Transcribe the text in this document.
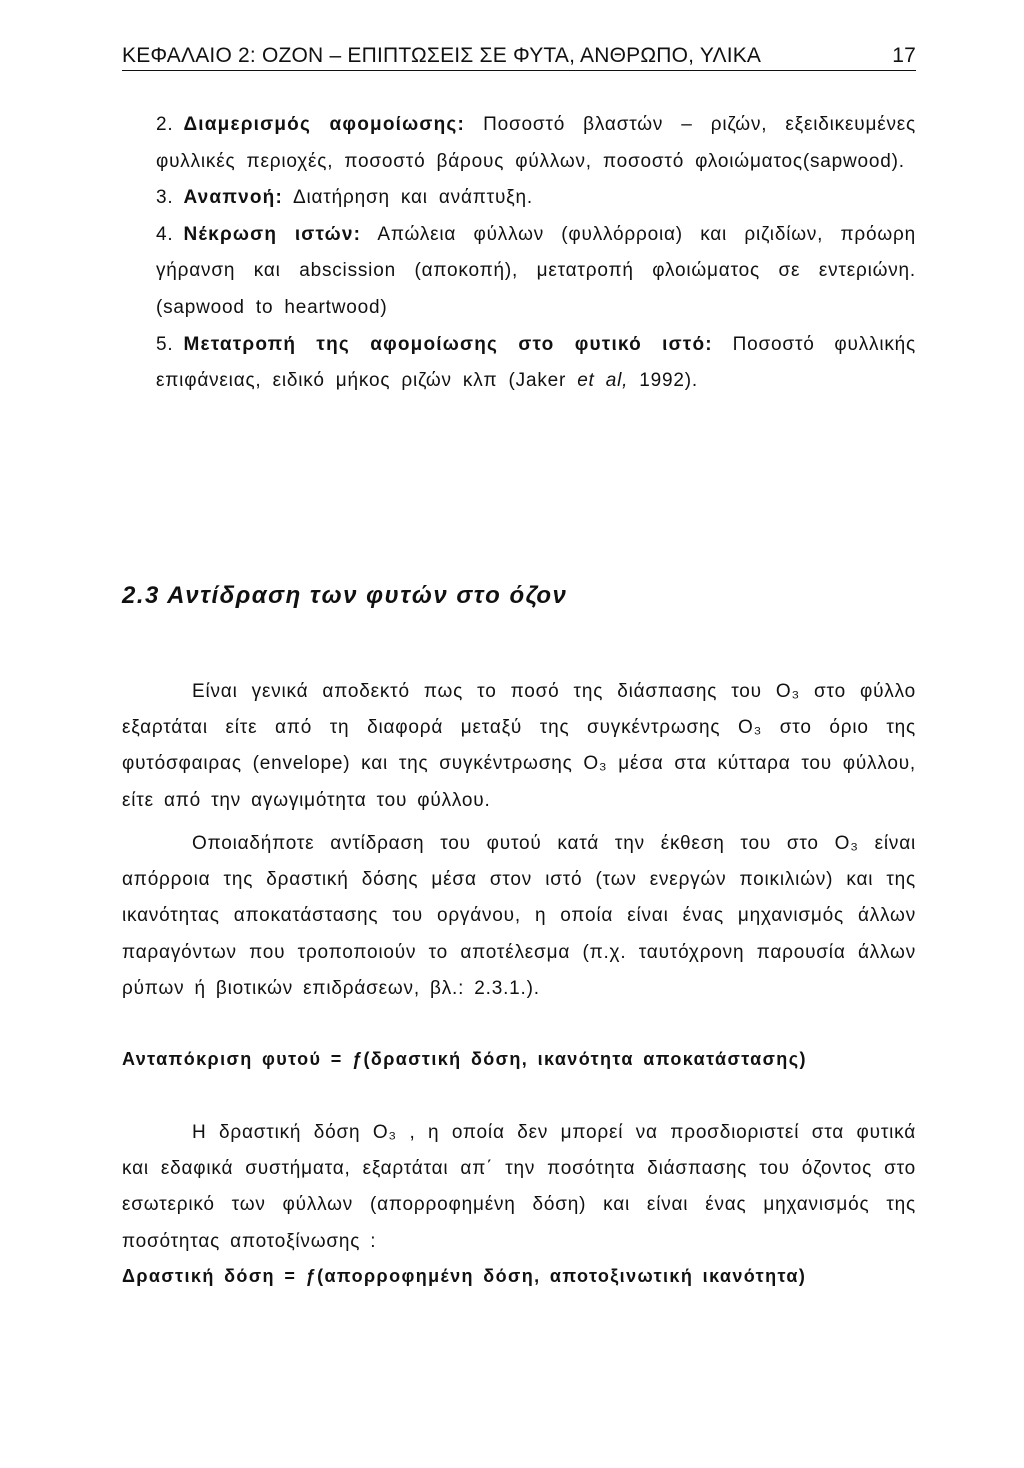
ΚΕΦΑΛΑΙΟ 2: ΟΖΟΝ – ΕΠΙΠΤΩΣΕΙΣ ΣΕ ΦΥΤΑ, ΑΝΘΡΩΠΟ, ΥΛΙΚΑ	17
2. Διαμερισμός αφομοίωσης: Ποσοστό βλαστών – ριζών, εξειδικευμένες φυλλικές περιοχές, ποσοστό βάρους φύλλων, ποσοστό φλοιώματος(sapwood).
3. Αναπνοή: Διατήρηση και ανάπτυξη.
4. Νέκρωση ιστών: Απώλεια φύλλων (φυλλόρροια) και ριζιδίων, πρόωρη γήρανση και abscission (αποκοπή), μετατροπή φλοιώματος σε εντεριώνη.(sapwood to heartwood)
5. Μετατροπή της αφομοίωσης στο φυτικό ιστό: Ποσοστό φυλλικής επιφάνειας, ειδικό μήκος ριζών κλπ (Jaker et al, 1992).
2.3 Αντίδραση των φυτών στο όζον
Είναι γενικά αποδεκτό πως το ποσό της διάσπασης του O₃ στο φύλλο εξαρτάται είτε από τη διαφορά μεταξύ της συγκέντρωσης O₃ στο όριο της φυτόσφαιρας (envelope) και της συγκέντρωσης O₃ μέσα στα κύτταρα του φύλλου, είτε από την αγωγιμότητα του φύλλου.
Οποιαδήποτε αντίδραση του φυτού κατά την έκθεση του στο O₃ είναι απόρροια της δραστική δόσης μέσα στον ιστό (των ενεργών ποικιλιών) και της ικανότητας αποκατάστασης του οργάνου, η οποία είναι ένας μηχανισμός άλλων παραγόντων που τροποποιούν το αποτέλεσμα (π.χ. ταυτόχρονη παρουσία άλλων ρύπων ή βιοτικών επιδράσεων, βλ.: 2.3.1.).
Ανταπόκριση φυτού = ƒ(δραστική δόση, ικανότητα αποκατάστασης)
Η δραστική δόση O₃ , η οποία δεν μπορεί να προσδιοριστεί στα φυτικά και εδαφικά συστήματα, εξαρτάται απ΄ την ποσότητα διάσπασης του όζοντος στο εσωτερικό των φύλλων (απορροφημένη δόση) και είναι ένας μηχανισμός της ποσότητας αποτοξίνωσης :
Δραστική δόση = ƒ(απορροφημένη δόση, αποτοξινωτική ικανότητα)
